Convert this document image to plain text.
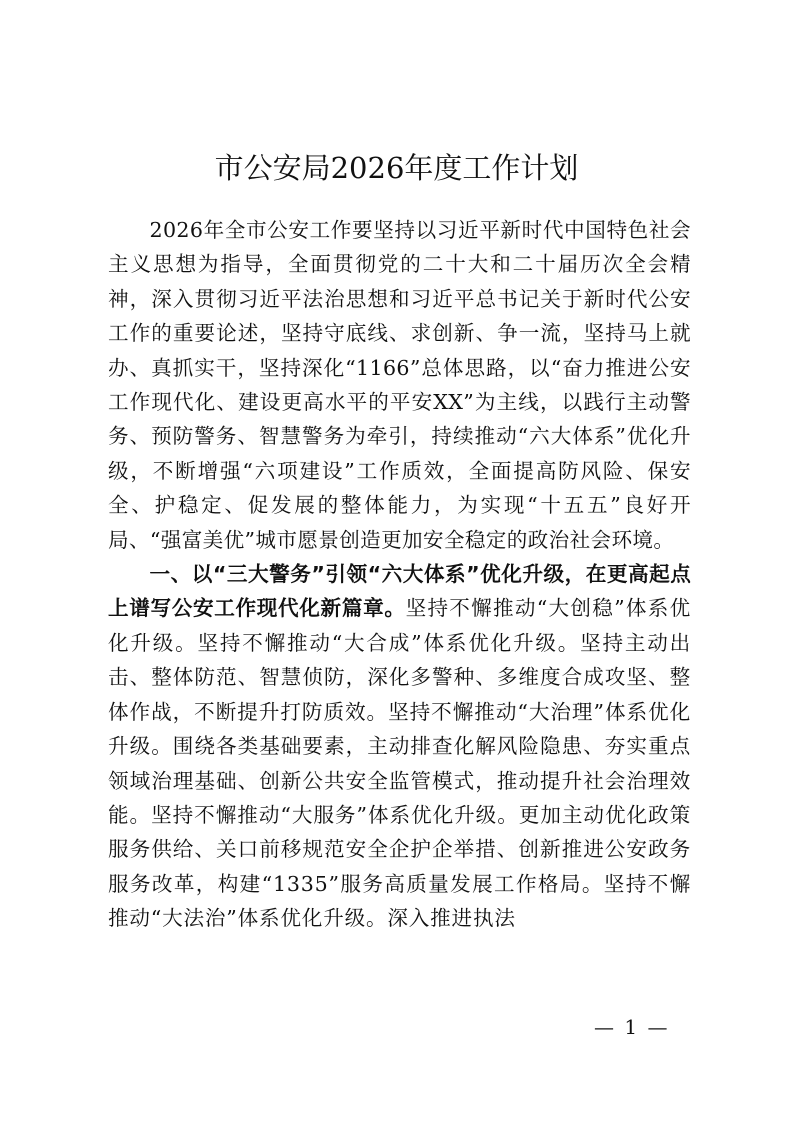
市公安局2026年度工作计划

2026年全市公安工作要坚持以习近平新时代中国特色社会主义思想为指导，全面贯彻党的二十大和二十届历次全会精神，深入贯彻习近平法治思想和习近平总书记关于新时代公安工作的重要论述，坚持守底线、求创新、争一流，坚持马上就办、真抓实干，坚持深化“1166”总体思路，以“奋力推进公安工作现代化、建设更高水平的平安XX”为主线，以践行主动警务、预防警务、智慧警务为牵引，持续推动“六大体系”优化升级，不断增强“六项建设”工作质效，全面提高防风险、保安全、护稳定、促发展的整体能力，为实现“十五五”良好开局、“强富美优”城市愿景创造更加安全稳定的政治社会环境。

一、以“三大警务”引领“六大体系”优化升级，在更高起点上谱写公安工作现代化新篇章。坚持不懈推动“大创稳”体系优化升级。坚持不懈推动“大合成”体系优化升级。坚持主动出击、整体防范、智慧侦防，深化多警种、多维度合成攻坚、整体作战，不断提升打防质效。坚持不懈推动“大治理”体系优化升级。围绕各类基础要素，主动排查化解风险隐患、夯实重点领域治理基础、创新公共安全监管模式，推动提升社会治理效能。坚持不懈推动“大服务”体系优化升级。更加主动优化政策服务供给、关口前移规范安全企护企举措、创新推进公安政务服务改革，构建“1335”服务高质量发展工作格局。坚持不懈推动“大法治”体系优化升级。深入推进执法

— 1 —
